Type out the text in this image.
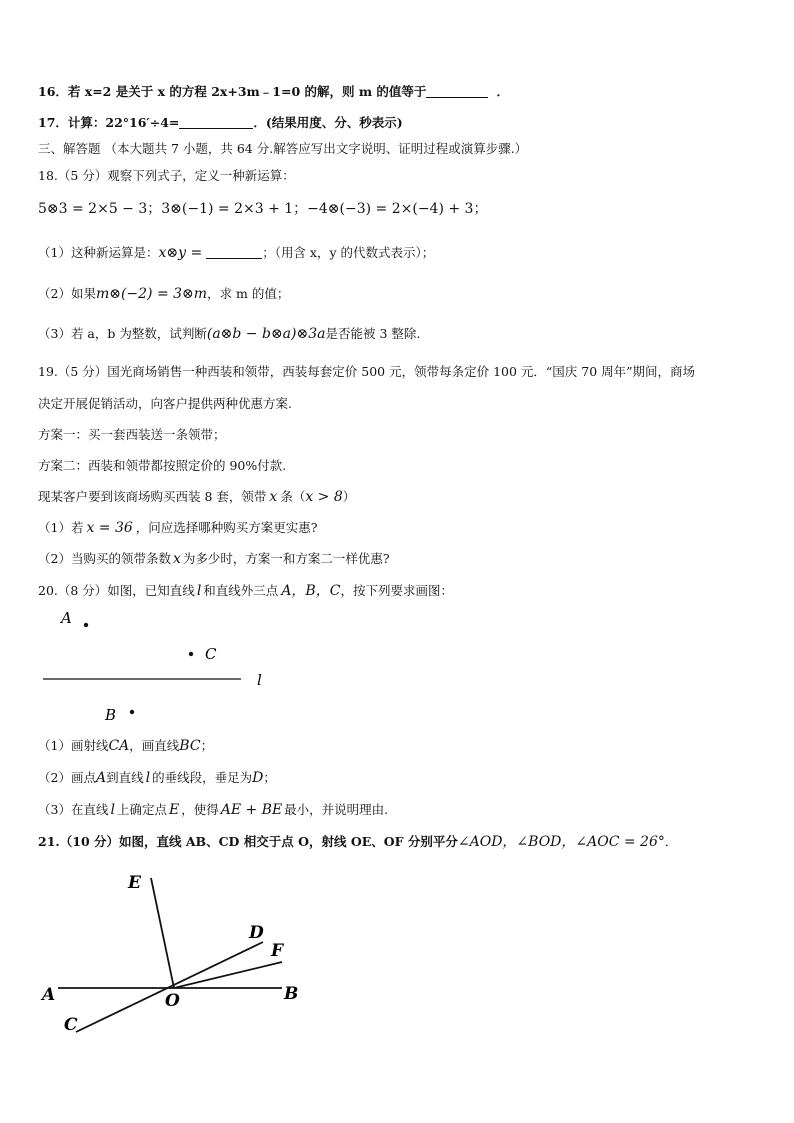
16．若 x=2 是关于 x 的方程 2x+3m﹣1=0 的解，则 m 的值等于	．

17．计算：22°16′÷4=	．(结果用度、分、秒表示)

三、解答题 （本大题共 7 小题，共 64 分.解答应写出文字说明、证明过程或演算步骤.）

18.（5 分）观察下列式子，定义一种新运算：

5⊗3 = 2×5 − 3；3⊗(−1) = 2×3 + 1；−4⊗(−3) = 2×(−4) + 3；

（1）这种新运算是：x⊗y =	；（用含 x，y 的代数式表示）；

（2）如果m⊗(−2) = 3⊗m，求 m 的值；

（3）若 a，b 为整数，试判断(a⊗b − b⊗a)⊗3a是否能被 3 整除.

19.（5 分）国光商场销售一种西装和领带，西装每套定价 500 元，领带每条定价 100 元．“国庆 70 周年”期间，商场

决定开展促销活动，向客户提供两种优惠方案.

方案一：买一套西装送一条领带；

方案二：西装和领带都按照定价的 90%付款.

现某客户要到该商场购买西装 8 套，领带 x 条（x > 8）

（1）若 x = 36 ，问应选择哪种购买方案更实惠?

（2）当购买的领带条数 x 为多少时，方案一和方案二一样优惠?

20.（8 分）如图，已知直线 l 和直线外三点 A，B，C，按下列要求画图：

A
C
l
B

（1）画射线CA，画直线BC；

（2）画点A到直线 l 的垂线段，垂足为D；

（3）在直线 l 上确定点 E ，使得 AE + BE 最小，并说明理由.

21.（10 分）如图，直线 AB、CD 相交于点 O，射线 OE、OF 分别平分∠AOD，∠BOD，∠AOC = 26°．

E
D
F
A	O	B
C
